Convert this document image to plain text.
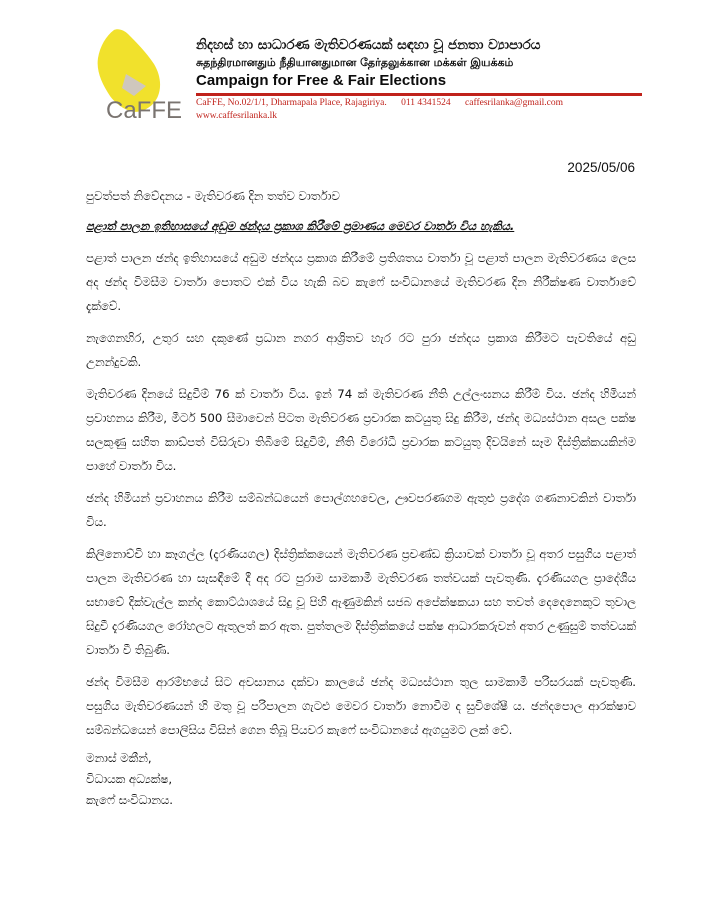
CaFFE
නිදහස් හා සාධාරණ මැතිවරණයක් සඳහා වූ ජනතා ව්‍යාපාරය
சுதந்திரமானதும் நீதியானதுமான தேர்தலுக்கான மக்கள் இயக்கம்
Campaign for Free & Fair Elections
CaFFE, No.02/1/1, Dharmapala Place, Rajagiriya. 011 4341524 caffesrilanka@gmail.com
www.caffesrilanka.lk
2025/05/06
පුවත්පත් නිවේදනය - මැතිවරණ දින තත්ව වාර්තාව
පළාත් පාලන ඉතිහාසයේ අඩුම ඡන්දය ප්‍රකාශ කිරීමේ ප්‍රමාණය මෙවර වාර්තා විය හැකිය.

පළාත් පාලන ඡන්ද ඉතිහාසයේ අඩුම ඡන්දය ප්‍රකාශ කිරීමේ ප්‍රතිශතය වාර්තා වූ පළාත් පාලන මැතිවරණය ලෙස අද ඡන්ද විමසීම වාර්තා පොතට එක් විය හැකි බව කැෆේ සංවිධානයේ මැතිවරණ දින නිරීක්ෂණ වාර්තාවේ දැක්වේ.

නැගෙනහිර, උතුර සහ දකුණේ ප්‍රධාන නගර ආශ්‍රිතව හැර රට පුරා ඡන්දය ප්‍රකාශ කිරීමට පැවතියේ අඩු උනන්දුවකි.

මැතිවරණ දිනයේ සිදුවීම් 76 ක් වාර්තා විය. ඉන් 74 ක් මැතිවරණ නීති උල්ලංඝනය කිරීම් විය. ඡන්ද හිමියන් ප්‍රවාහනය කිරීම, මීටර් 500 සීමාවෙන් පිටත මැතිවරණ ප්‍රචාරක කටයුතු සිදු කිරීම, ඡන්ද මධ්‍යස්ථාන අසල පක්ෂ සලකුණු සහිත කාඩ්පත් විසිරුවා තිබීමේ සිදුවීම්, නීති විරෝධී ප්‍රචාරක කටයුතු දිවයිනේ සෑම දිස්ත්‍රික්කයකින්ම පාහේ වාර්තා විය.

ඡන්ද හිමියන් ප්‍රවාහනය කිරීම සම්බන්ධයෙන් පොල්ගහවෙල, ඌවපරණගම ඇතුළු ප්‍රදේශ ගණනාවකින් වාර්තා විය.

කිලිනොච්චි හා කෑගල්ල (දැරණියගල) දිස්ත්‍රික්කයෙන් මැතිවරණ ප්‍රචණ්ඩ ක්‍රියාවක් වාර්තා වූ අතර පසුගිය පළාත් පාලන මැතිවරණ හා සැසඳීමේ දී අද රට පුරාම සාමකාමී මැතිවරණ තත්වයක් පැවතුණි. දැරණියගල ප්‍රාදේශීය සභාවේ දික්වැල්ල කන්ද කොට්ඨාශයේ සිදු වූ පිහි ඇණුමකින් සජබ අපේක්ෂකයා සහ තවත් දෙදෙනෙකුට තුවාල සිදුවී දැරණියගල රෝහලට ඇතුලත් කර ඇත. පුත්තලම දිස්ත්‍රික්කයේ පක්ෂ ආධාරකරුවන් අතර උණුසුම් තත්වයක් වාර්තා වී තිබුණි.

ඡන්ද විමසීම ආරම්භයේ සිට අවසානය දක්වා කාලයේ ඡන්ද මධ්‍යස්ථාන තුල සාමකාමී පරිසරයක් පැවතුණි. පසුගිය මැතිවරණයන් හි මතු වූ පරිපාලන ගැටළු මෙවර වාර්තා නොවීම ද සුවිශේෂී ය. ඡන්දපොල ආරක්ෂාව සම්බන්ධයෙන් පොලිසිය විසින් ගෙන තිබූ පියවර කැෆේ සංවිධානයේ ඇගයුමට ලක් වේ.

මනාස් මකීන්,
විධායක අධ්‍යක්ෂ,
කැෆේ සංවිධානය.
